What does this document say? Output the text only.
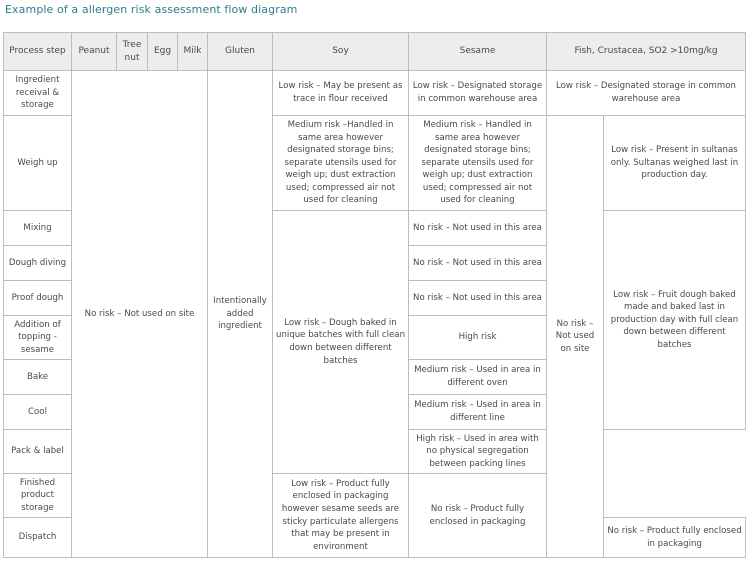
Example of a allergen risk assessment flow diagram
Process step	Peanut	Tree nut	Egg	Milk	Gluten	Soy	Sesame	Fish, Crustacea, SO2 >10mg/kg	
Ingredient receival & storage	No risk – Not used on site				Intentionally added ingredient	Low risk – May be present as trace in flour received	Low risk – Designated storage in common warehouse area	Low risk – Designated storage in common warehouse area	
Weigh up						Medium risk –Handled in same area however designated storage bins; separate utensils used for weigh up; dust extraction used; compressed air not used for cleaning	Medium risk – Handled in same area however designated storage bins; separate utensils used for weigh up; dust extraction used; compressed air not used for cleaning	No risk – Not used on site	Low risk – Present in sultanas only. Sultanas weighed last in production day.
Mixing						Low risk – Dough baked in unique batches with full clean down between different batches	No risk – Not used in this area		Low risk – Fruit dough baked made and baked last in production day with full clean down between different batches
Dough diving							No risk – Not used in this area		
Proof dough							No risk – Not used in this area		
Addition of topping - sesame							High risk		
Bake							Medium risk – Used in area in different oven		
Cool							Medium risk – Used in area in different line		
Pack & label							High risk – Used in area with no physical segregation between packing lines		
Finished product storage						Low risk – Product fully enclosed in packaging however sesame seeds are sticky particulate allergens that may be present in environment	No risk – Product fully enclosed in packaging		
Dispatch									No risk – Product fully enclosed in packaging
